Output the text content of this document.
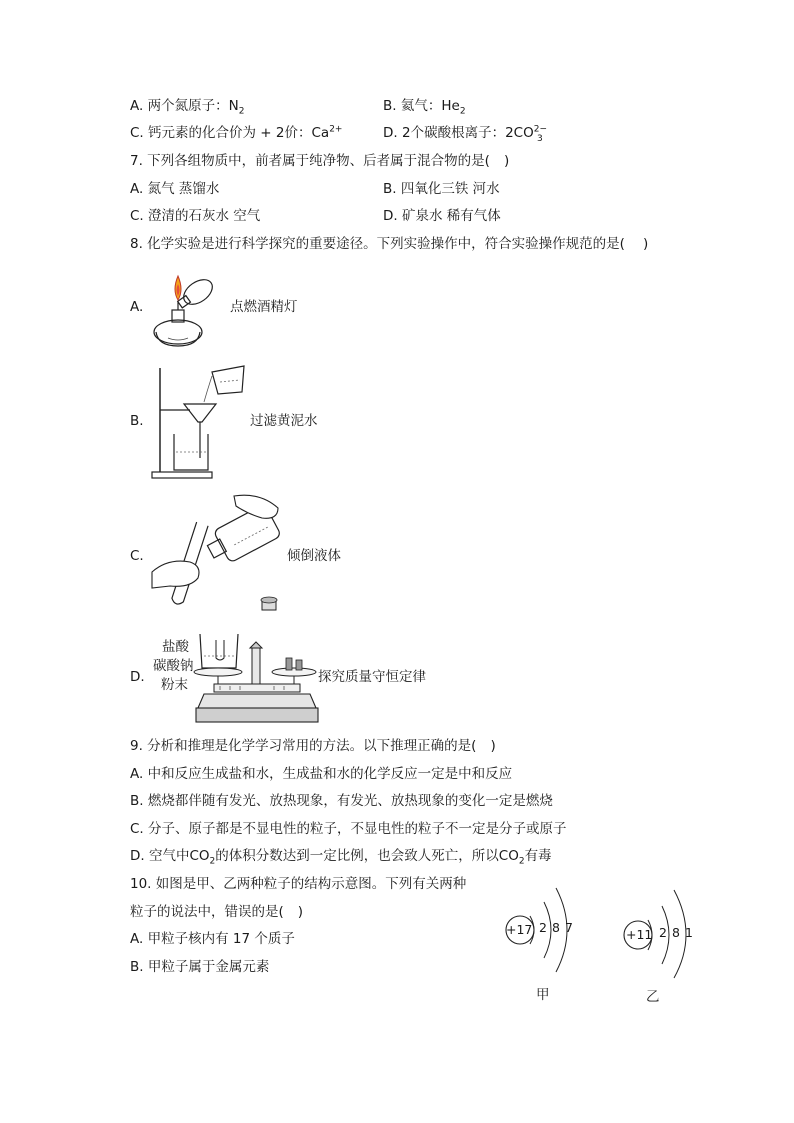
A. 两个氮原子：$N_2$	B. 氦气：$He_2$
C. 钙元素的化合价为 + 2价：$Ca^{2+}$	D. 2个碳酸根离子：$2CO^{2-}_3$
7. 下列各组物质中，前者属于纯净物、后者属于混合物的是( )
A. 氮气 蒸馏水	B. 四氧化三铁 河水
C. 澄清的石灰水 空气	D. 矿泉水 稀有气体
8. 化学实验是进行科学探究的重要途径。下列实验操作中，符合实验操作规范的是( )
A.	点燃酒精灯
B.	过滤黄泥水
C.	倾倒液体
D.
盐酸
碳酸钠
粉末	探究质量守恒定律
9. 分析和推理是化学学习常用的方法。以下推理正确的是( )
A. 中和反应生成盐和水，生成盐和水的化学反应一定是中和反应
B. 燃烧都伴随有发光、放热现象，有发光、放热现象的变化一定是燃烧
C. 分子、原子都是不显电性的粒子，不显电性的粒子不一定是分子或原子
D. 空气中$CO_2$的体积分数达到一定比例，也会致人死亡，所以$CO_2$有毒
10. 如图是甲、乙两种粒子的结构示意图。下列有关两种
粒子的说法中，错误的是( )
A. 甲粒子核内有 17 个质子
B. 甲粒子属于金属元素
+17 2 8 7
甲
+11 2 8 1
乙
